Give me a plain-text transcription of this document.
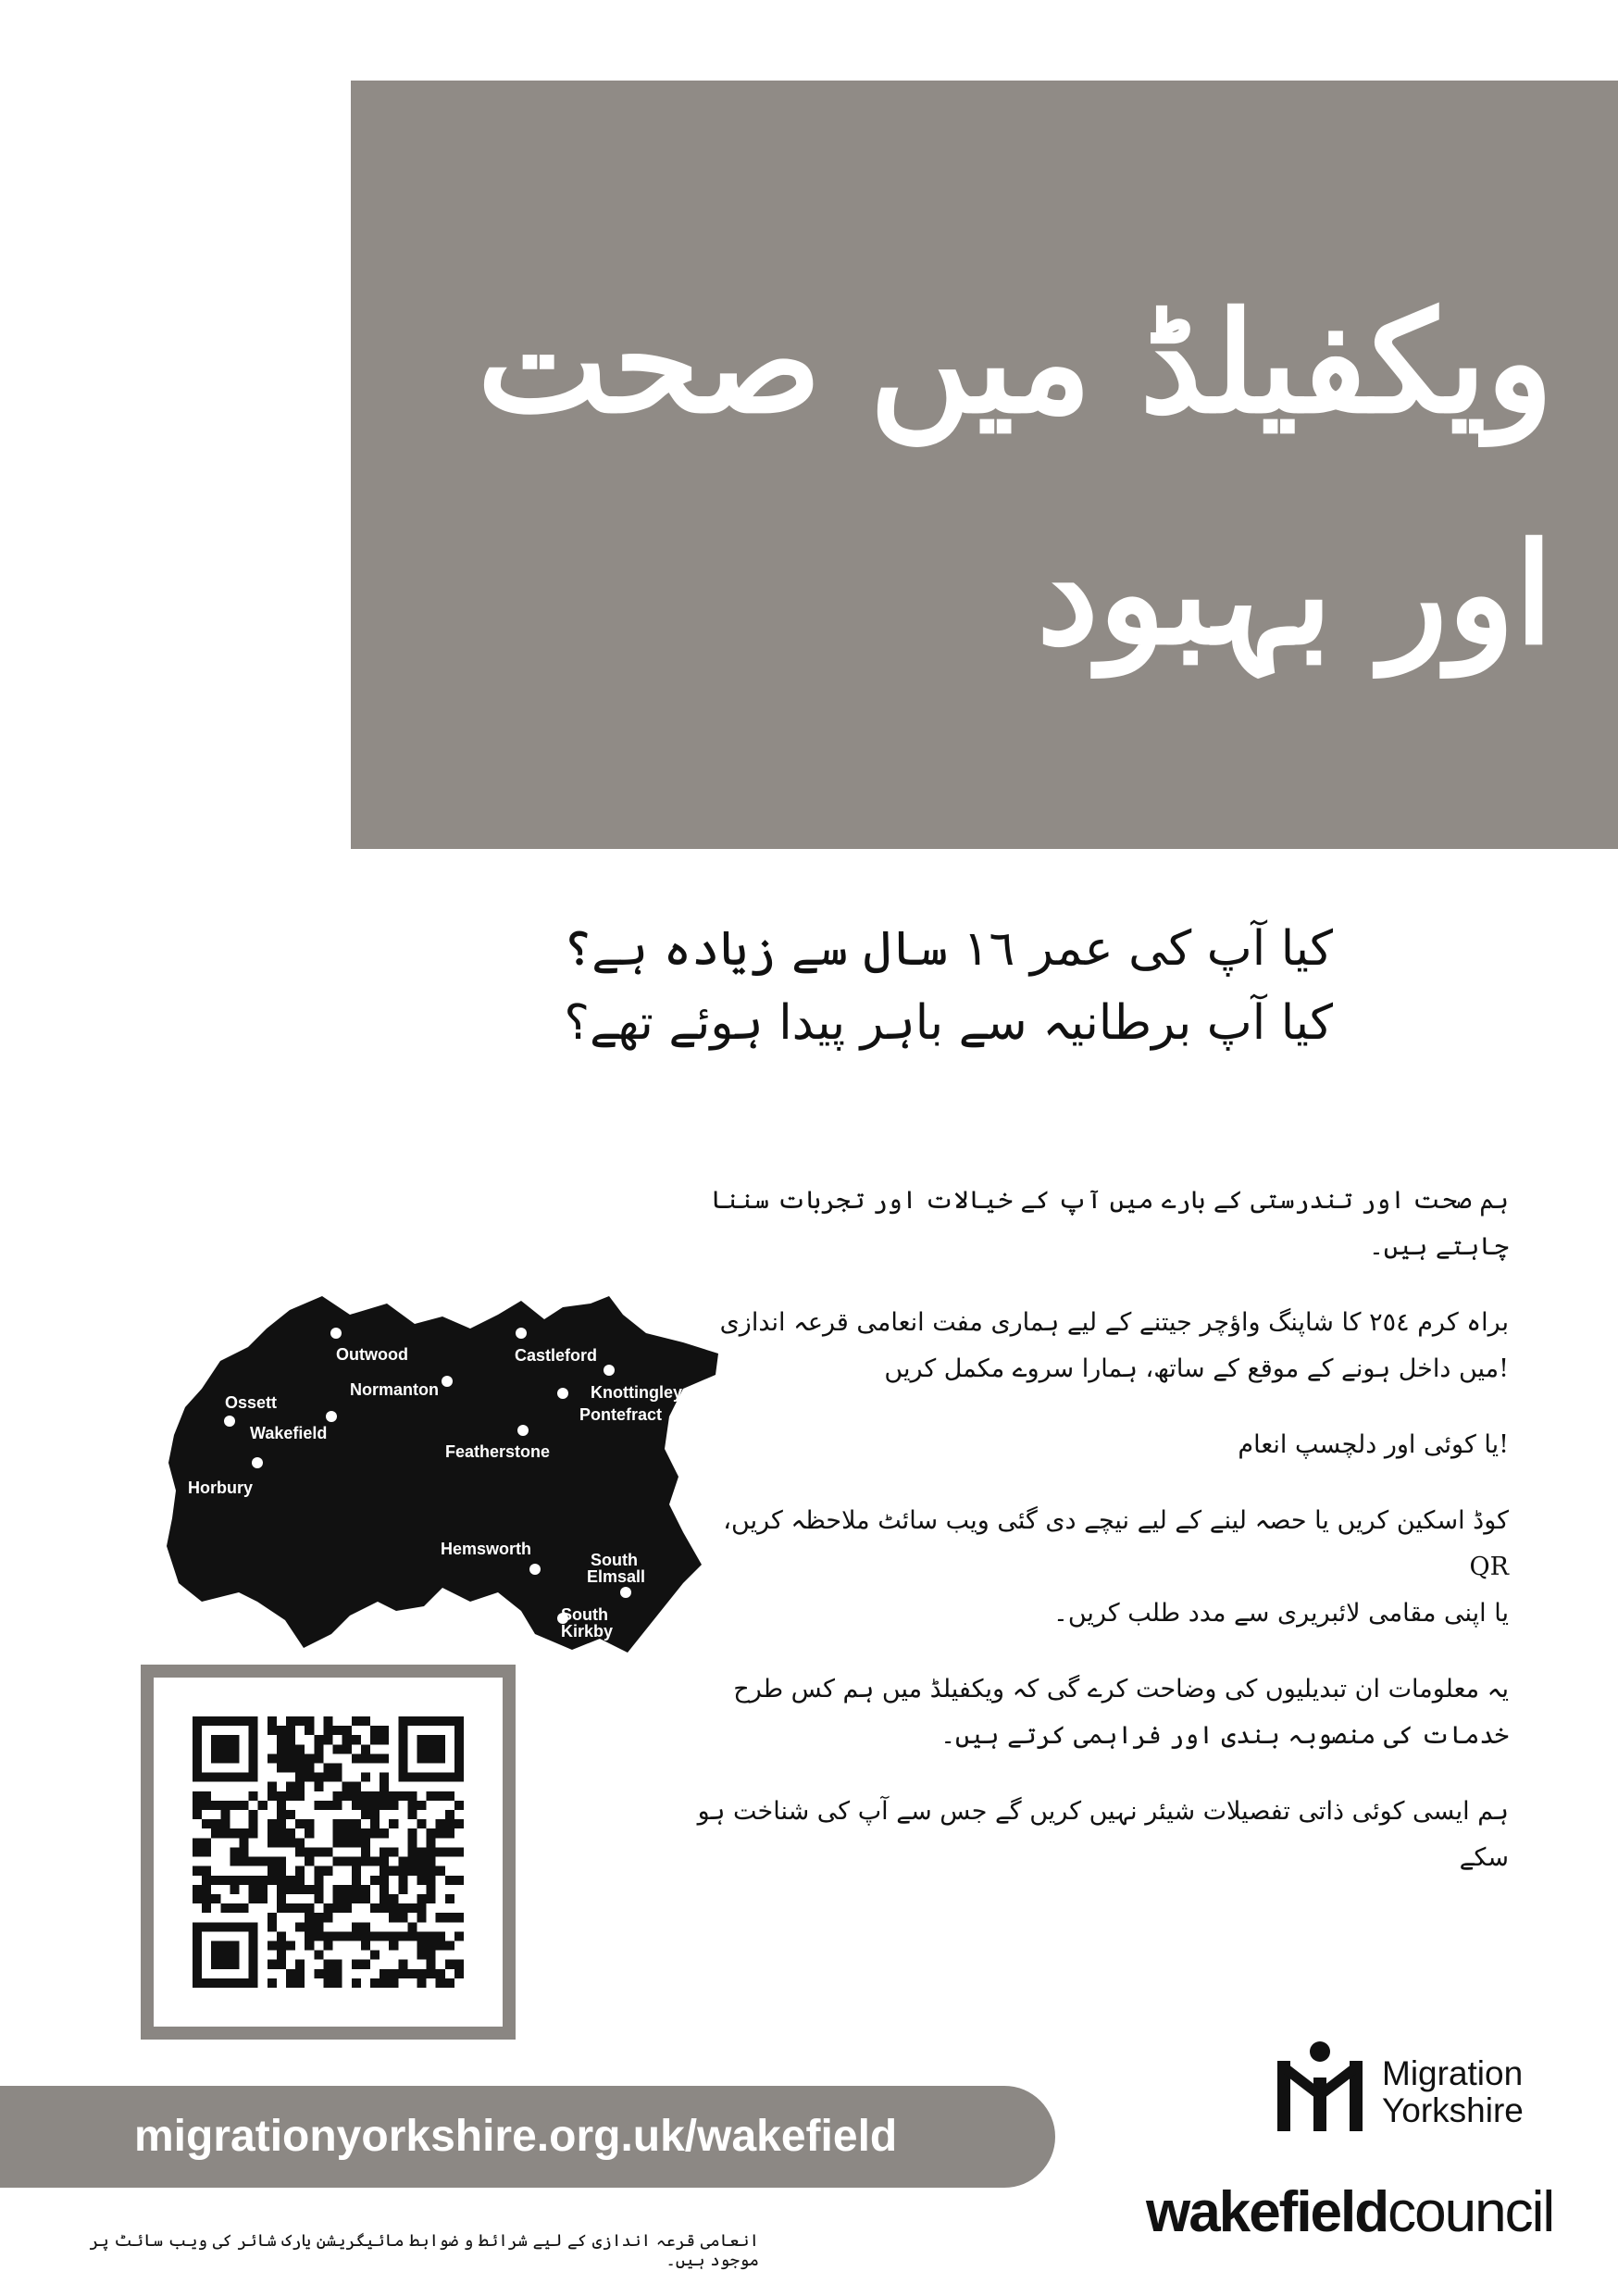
ویکفیلڈ میں صحت
اور بہبود
کیا آپ کی عمر ۱٦ سال سے زیادہ ہے؟
کیا آپ برطانیہ سے باہر پیدا ہوئے تھے؟

ہم صحت اور تندرستی کے بارے میں آپ کے خیالات اور تجربات سننا چاہتے ہیں۔

براہ کرم ۲٥٤ کا شاپنگ واؤچر جیتنے کے لیے ہماری مفت انعامی قرعہ اندازی
!میں داخل ہونے کے موقع کے ساتھ، ہمارا سروے مکمل کریں

!یا کوئی اور دلچسپ انعام

کوڈ اسکین کریں یا حصہ لینے کے لیے نیچے دی گئی ویب سائٹ ملاحظہ کریں، QR
یا اپنی مقامی لائبریری سے مدد طلب کریں۔

یہ معلومات ان تبدیلیوں کی وضاحت کرے گی کہ ویکفیلڈ میں ہم کس طرح
خدمات کی منصوبہ بندی اور فراہمی کرتے ہیں۔

ہم ایسی کوئی ذاتی تفصیلات شیئر نہیں کریں گے جس سے آپ کی شناخت ہو سکے

Castleford
Outwood
Knottingley
Normanton
Ossett
Pontefract
Wakefield
Featherstone
Horbury
Hemsworth
South
Elmsall
South
Kirkby
migrationyorkshire.org.uk/wakefield
Migration
Yorkshire
wakefieldcouncil
انعامی قرعہ اندازی کے لیے شرائط و ضوابط مائیگریشن یارک شائر کی ویب سائٹ پر موجود ہیں۔
